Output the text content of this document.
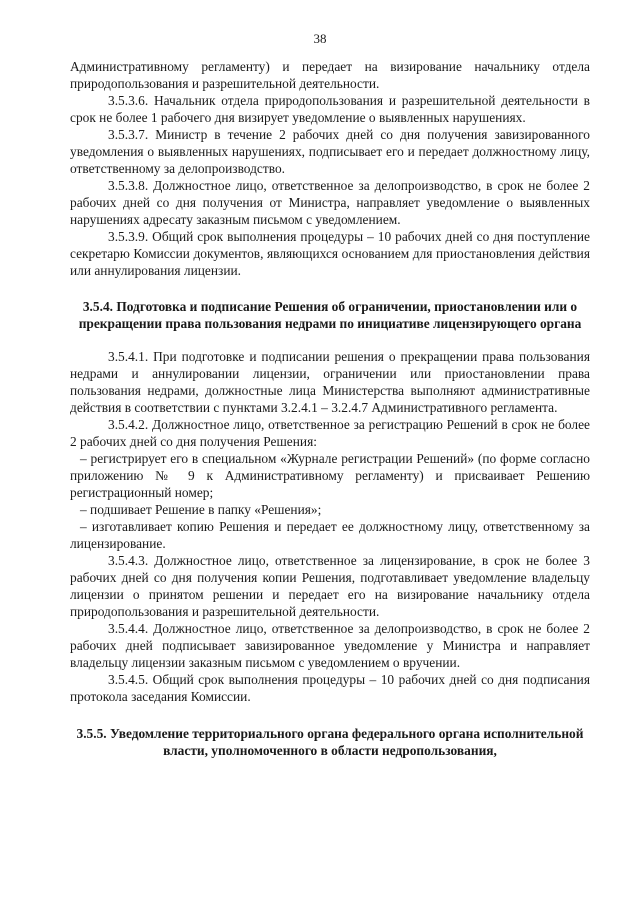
38

Административному регламенту) и передает на визирование начальнику отдела природопользования и разрешительной деятельности.

3.5.3.6. Начальник отдела природопользования и разрешительной деятельности в срок не более 1 рабочего дня визирует уведомление о выявленных нарушениях.

3.5.3.7. Министр в течение 2 рабочих дней со дня получения завизированного уведомления о выявленных нарушениях, подписывает его и передает должностному лицу, ответственному за делопроизводство.

3.5.3.8. Должностное лицо, ответственное за делопроизводство, в срок не более 2 рабочих дней со дня получения от Министра, направляет уведомление о выявленных нарушениях адресату заказным письмом с уведомлением.

3.5.3.9. Общий срок выполнения процедуры – 10 рабочих дней со дня поступление секретарю Комиссии документов, являющихся основанием для приостановления действия или аннулирования лицензии.

3.5.4. Подготовка и подписание Решения об ограничении, приостановлении или о прекращении права пользования недрами по инициативе лицензирующего органа

3.5.4.1. При подготовке и подписании решения о прекращении права пользования недрами и аннулировании лицензии, ограничении или приостановлении права пользования недрами, должностные лица Министерства выполняют административные действия в соответствии с пунктами 3.2.4.1 – 3.2.4.7 Административного регламента.

3.5.4.2. Должностное лицо, ответственное за регистрацию Решений в срок не более 2 рабочих дней со дня получения Решения:

– регистрирует его в специальном «Журнале регистрации Решений» (по форме согласно приложению № 9 к Административному регламенту) и присваивает Решению регистрационный номер;

– подшивает Решение в папку «Решения»;

– изготавливает копию Решения и передает ее должностному лицу, ответственному за лицензирование.

3.5.4.3. Должностное лицо, ответственное за лицензирование, в срок не более 3 рабочих дней со дня получения копии Решения, подготавливает уведомление владельцу лицензии о принятом решении и передает его на визирование начальнику отдела природопользования и разрешительной деятельности.

3.5.4.4. Должностное лицо, ответственное за делопроизводство, в срок не более 2 рабочих дней подписывает завизированное уведомление у Министра и направляет владельцу лицензии заказным письмом с уведомлением о вручении.

3.5.4.5. Общий срок выполнения процедуры – 10 рабочих дней со дня подписания протокола заседания Комиссии.

3.5.5. Уведомление территориального органа федерального органа исполнительной власти, уполномоченного в области недропользования,
